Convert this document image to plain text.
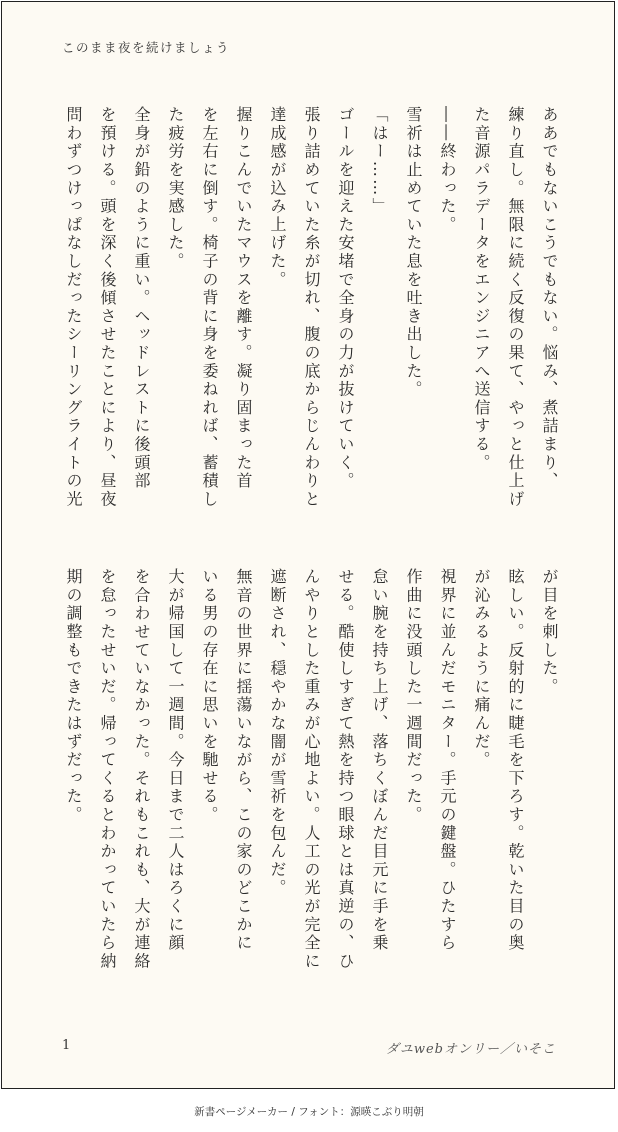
このまま夜を続けましょう
ああでもないこうでもない。悩み、煮詰まり、
練り直し。無限に続く反復の果て、やっと仕上げ
た音源パラデータをエンジニアへ送信する。
――終わった。
雪祈は止めていた息を吐き出した。
「はー……」
ゴールを迎えた安堵で全身の力が抜けていく。
張り詰めていた糸が切れ、腹の底からじんわりと
達成感が込み上げた。
握りこんでいたマウスを離す。凝り固まった首
を左右に倒す。椅子の背に身を委ねれば、蓄積し
た疲労を実感した。
全身が鉛のように重い。ヘッドレストに後頭部
を預ける。頭を深く後傾させたことにより、昼夜
問わずつけっぱなしだったシーリングライトの光
が目を刺した。
眩しい。反射的に睫毛を下ろす。乾いた目の奥
が沁みるように痛んだ。
視界に並んだモニター。手元の鍵盤。ひたすら
作曲に没頭した一週間だった。
怠い腕を持ち上げ、落ちくぼんだ目元に手を乗
せる。酷使しすぎて熱を持つ眼球とは真逆の、ひ
んやりとした重みが心地よい。人工の光が完全に
遮断され、穏やかな闇が雪祈を包んだ。
無音の世界に揺蕩いながら、この家のどこかに
いる男の存在に思いを馳せる。
大が帰国して一週間。今日まで二人はろくに顔
を合わせていなかった。それもこれも、大が連絡
を怠ったせいだ。帰ってくるとわかっていたら納
期の調整もできたはずだった。
1	ダユwebオンリー／いそこ
新書ページメーカー / フォント：源暎こぶり明朝
